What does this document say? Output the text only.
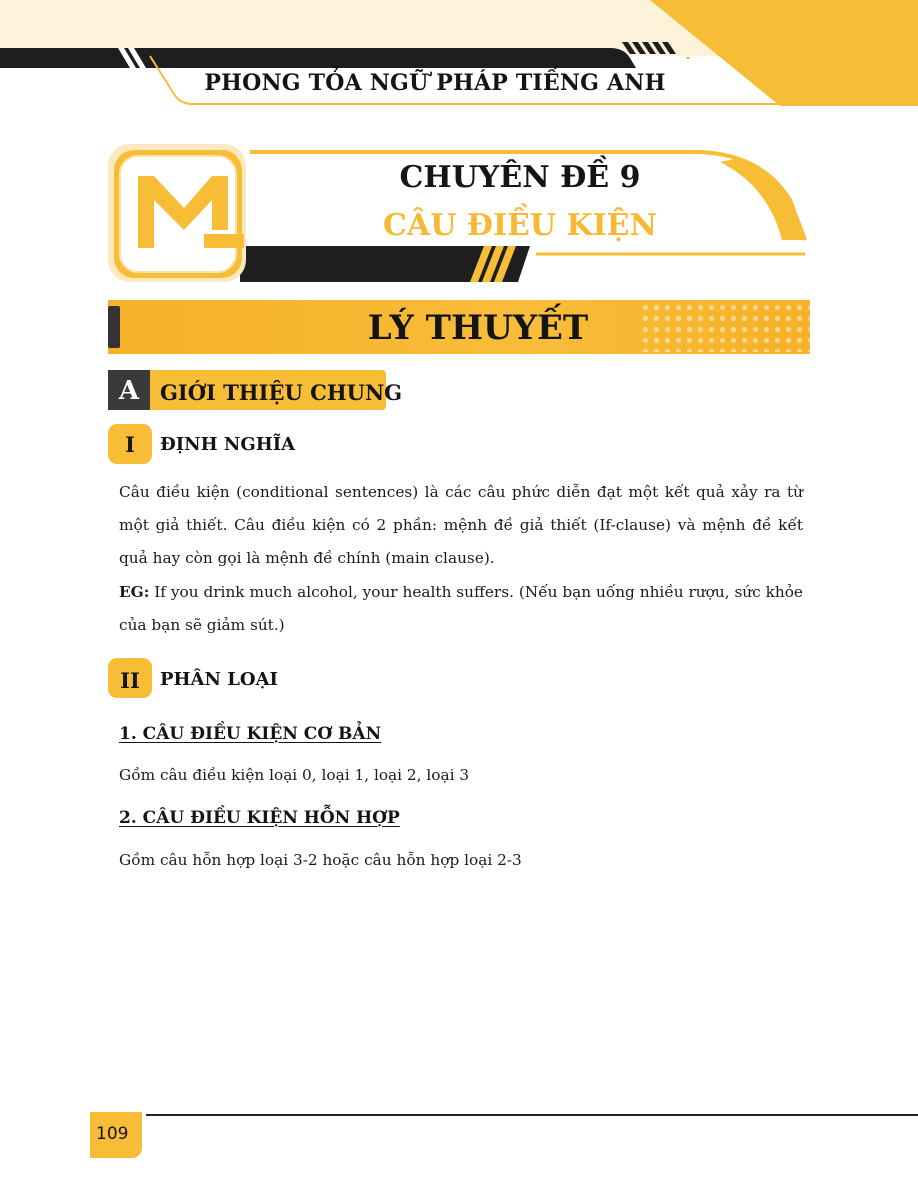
PHONG TỎA NGỮ PHÁP TIẾNG ANH
CHUYÊN ĐỀ 9
CÂU ĐIỀU KIỆN
LÝ THUYẾT
A GIỚI THIỆU CHUNG
I	ĐỊNH NGHĨA
Câu điều kiện (conditional sentences) là các câu phức diễn đạt một kết quả xảy ra từ một giả thiết. Câu điều kiện có 2 phần: mệnh đề giả thiết (If-clause) và mệnh đề kết quả hay còn gọi là mệnh đề chính (main clause).
EG: If you drink much alcohol, your health suffers. (Nếu bạn uống nhiều rượu, sức khỏe của bạn sẽ giảm sút.)
II	PHÂN LOẠI
1. CÂU ĐIỀU KIỆN CƠ BẢN
Gồm câu điều kiện loại 0, loại 1, loại 2, loại 3
2. CÂU ĐIỀU KIỆN HỖN HỢP
Gồm câu hỗn hợp loại 3-2 hoặc câu hỗn hợp loại 2-3
109
